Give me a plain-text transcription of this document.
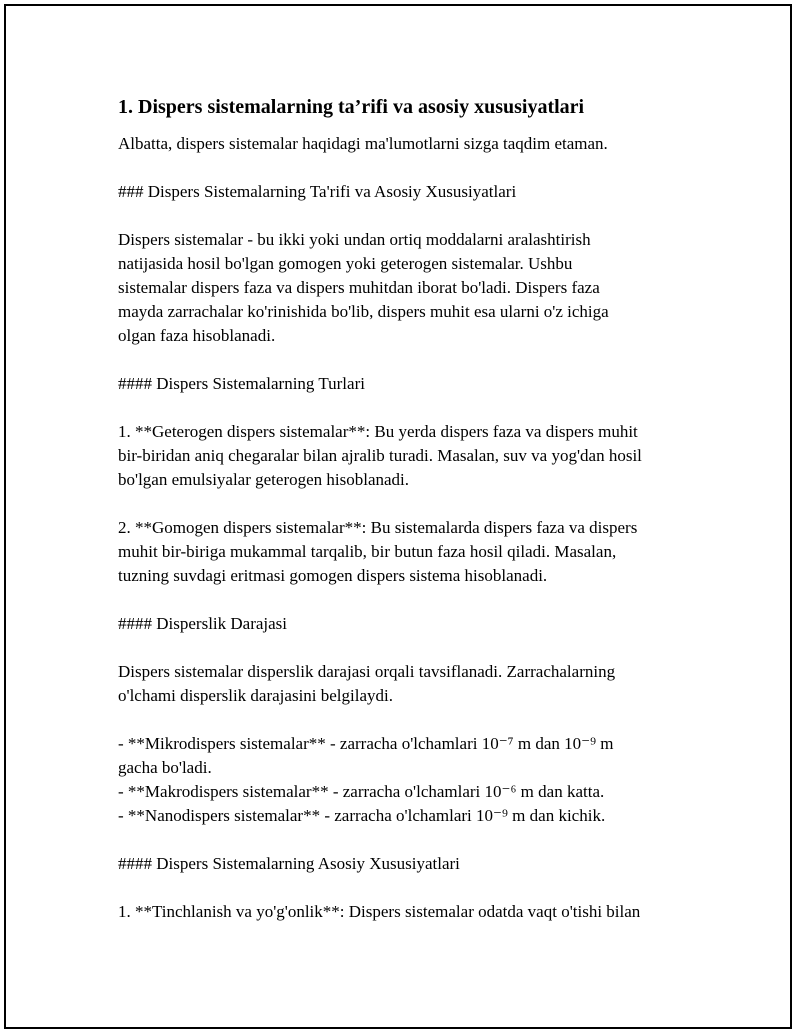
1. Dispers sistemalarning ta’rifi va asosiy xususiyatlari
Albatta, dispers sistemalar haqidagi ma'lumotlarni sizga taqdim etaman.
### Dispers Sistemalarning Ta'rifi va Asosiy Xususiyatlari
Dispers sistemalar - bu ikki yoki undan ortiq moddalarni aralashtirish
natijasida hosil bo'lgan gomogen yoki geterogen sistemalar. Ushbu
sistemalar dispers faza va dispers muhitdan iborat bo'ladi. Dispers faza
mayda zarrachalar ko'rinishida bo'lib, dispers muhit esa ularni o'z ichiga
olgan faza hisoblanadi.
#### Dispers Sistemalarning Turlari
1. **Geterogen dispers sistemalar**: Bu yerda dispers faza va dispers muhit
bir-biridan aniq chegaralar bilan ajralib turadi. Masalan, suv va yog'dan hosil
bo'lgan emulsiyalar geterogen hisoblanadi.
2. **Gomogen dispers sistemalar**: Bu sistemalarda dispers faza va dispers
muhit bir-biriga mukammal tarqalib, bir butun faza hosil qiladi. Masalan,
tuzning suvdagi eritmasi gomogen dispers sistema hisoblanadi.
#### Disperslik Darajasi
Dispers sistemalar disperslik darajasi orqali tavsiflanadi. Zarrachalarning
o'lchami disperslik darajasini belgilaydi.
- **Mikrodispers sistemalar** - zarracha o'lchamlari 10⁻⁷ m dan 10⁻⁹ m
gacha bo'ladi.
- **Makrodispers sistemalar** - zarracha o'lchamlari 10⁻⁶ m dan katta.
- **Nanodispers sistemalar** - zarracha o'lchamlari 10⁻⁹ m dan kichik.
#### Dispers Sistemalarning Asosiy Xususiyatlari
1. **Tinchlanish va yo'g'onlik**: Dispers sistemalar odatda vaqt o'tishi bilan
